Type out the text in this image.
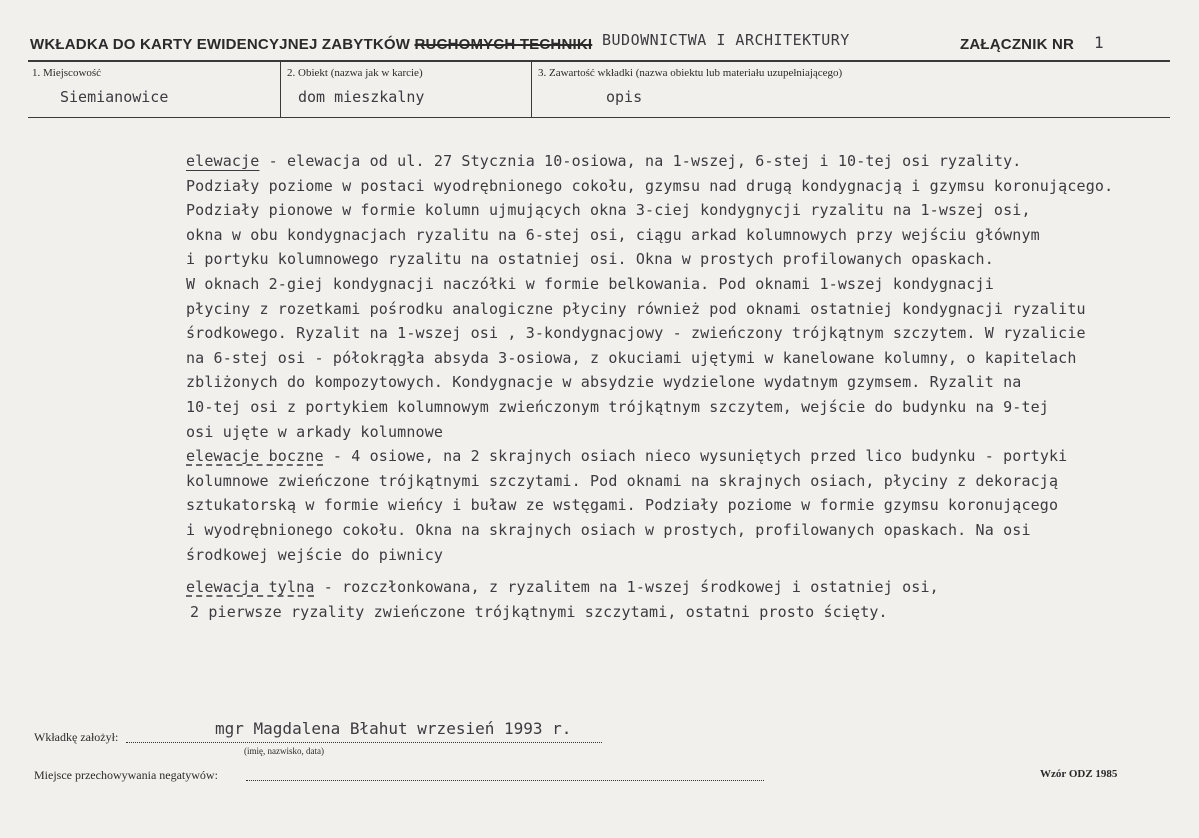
WKŁADKA DO KARTY EWIDENCYJNEJ ZABYTKÓW RUCHOMYCH TECHNIKI BUDOWNICTWA I ARCHITEKTURY	ZAŁĄCZNIK NR 1
1. Miejscowość
Siemianowice
2. Obiekt (nazwa jak w karcie)
dom mieszkalny
3. Zawartość wkładki (nazwa obiektu lub materiału uzupełniającego)
opis
elewacje - elewacja od ul. 27 Stycznia 10-osiowa, na 1-wszej, 6-stej i 10-tej osi ryzality.
Podziały poziome w postaci wyodrębnionego cokołu, gzymsu nad drugą kondygnacją i gzymsu koronującego.
Podziały pionowe w formie kolumn ujmujących okna 3-ciej kondygnycji ryzalitu na 1-wszej osi,
okna w obu kondygnacjach ryzalitu na 6-stej osi, ciągu arkad kolumnowych przy wejściu głównym
i portyku kolumnowego ryzalitu na ostatniej osi. Okna w prostych profilowanych opaskach.
W oknach 2-giej kondygnacji naczółki w formie belkowania. Pod oknami 1-wszej kondygnacji
płyciny z rozetkami pośrodku analogiczne płyciny również pod oknami ostatniej kondygnacji ryzalitu
środkowego. Ryzalit na 1-wszej osi , 3-kondygnacjowy - zwieńczony trójkątnym szczytem. W ryzalicie
na 6-stej osi - półokrągła absyda 3-osiowa, z okuciami ujętymi w kanelowane kolumny, o kapitelach
zbliżonych do kompozytowych. Kondygnacje w absydzie wydzielone wydatnym gzymsem. Ryzalit na
10-tej osi z portykiem kolumnowym zwieńczonym trójkątnym szczytem, wejście do budynku na 9-tej
osi ujęte w arkady kolumnowe
elewacje boczne - 4 osiowe, na 2 skrajnych osiach nieco wysuniętych przed lico budynku - portyki
kolumnowe zwieńczone trójkątnymi szczytami. Pod oknami na skrajnych osiach, płyciny z dekoracją
sztukatorską w formie wieńcy i buław ze wstęgami. Podziały poziome w formie gzymsu koronującego
i wyodrębnionego cokołu. Okna na skrajnych osiach w prostych, profilowanych opaskach. Na osi
środkowej wejście do piwnicy
elewacja tylna - rozczłonkowana, z ryzalitem na 1-wszej środkowej i ostatniej osi,
2 pierwsze ryzality zwieńczone trójkątnymi szczytami, ostatni prosto ścięty.
Wkładkę założył:	mgr Magdalena Błahut wrzesień 1993 r.
(imię, nazwisko, data)
Miejsce przechowywania negatywów:	Wzór ODZ 1985
